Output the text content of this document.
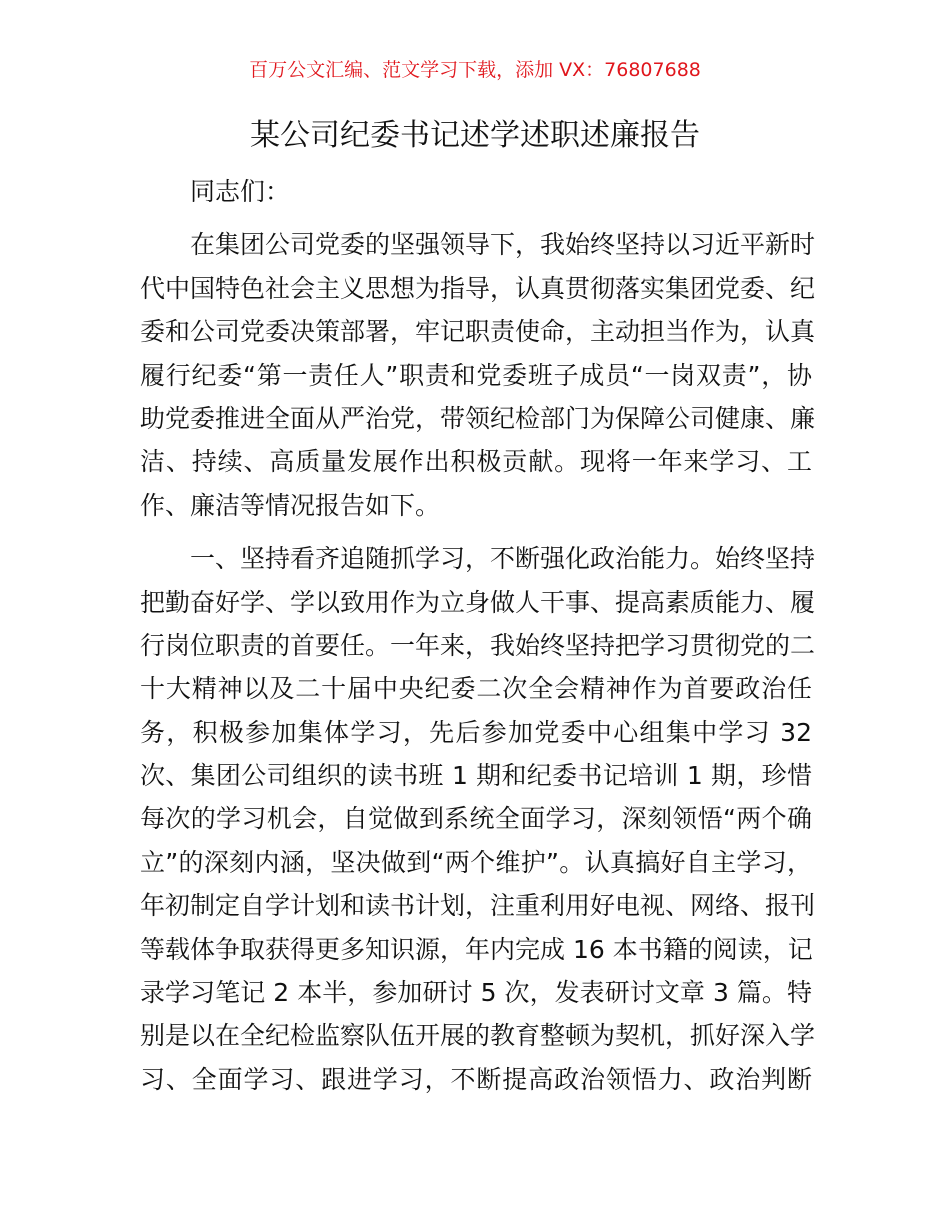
百万公文汇编、范文学习下载，添加 VX：76807688
某公司纪委书记述学述职述廉报告
同志们：
在集团公司党委的坚强领导下，我始终坚持以习近平新时
代中国特色社会主义思想为指导，认真贯彻落实集团党委、纪
委和公司党委决策部署，牢记职责使命，主动担当作为，认真
履行纪委“第一责任人”职责和党委班子成员“一岗双责”，协
助党委推进全面从严治党，带领纪检部门为保障公司健康、廉
洁、持续、高质量发展作出积极贡献。现将一年来学习、工
作、廉洁等情况报告如下。
一、坚持看齐追随抓学习，不断强化政治能力。始终坚持
把勤奋好学、学以致用作为立身做人干事、提高素质能力、履
行岗位职责的首要任。一年来，我始终坚持把学习贯彻党的二
十大精神以及二十届中央纪委二次全会精神作为首要政治任
务，积极参加集体学习，先后参加党委中心组集中学习 32
次、集团公司组织的读书班 1 期和纪委书记培训 1 期，珍惜
每次的学习机会，自觉做到系统全面学习，深刻领悟“两个确
立”的深刻内涵，坚决做到“两个维护”。认真搞好自主学习，
年初制定自学计划和读书计划，注重利用好电视、网络、报刊
等载体争取获得更多知识源，年内完成 16 本书籍的阅读，记
录学习笔记 2 本半，参加研讨 5 次，发表研讨文章 3 篇。特
别是以在全纪检监察队伍开展的教育整顿为契机，抓好深入学
习、全面学习、跟进学习，不断提高政治领悟力、政治判断
